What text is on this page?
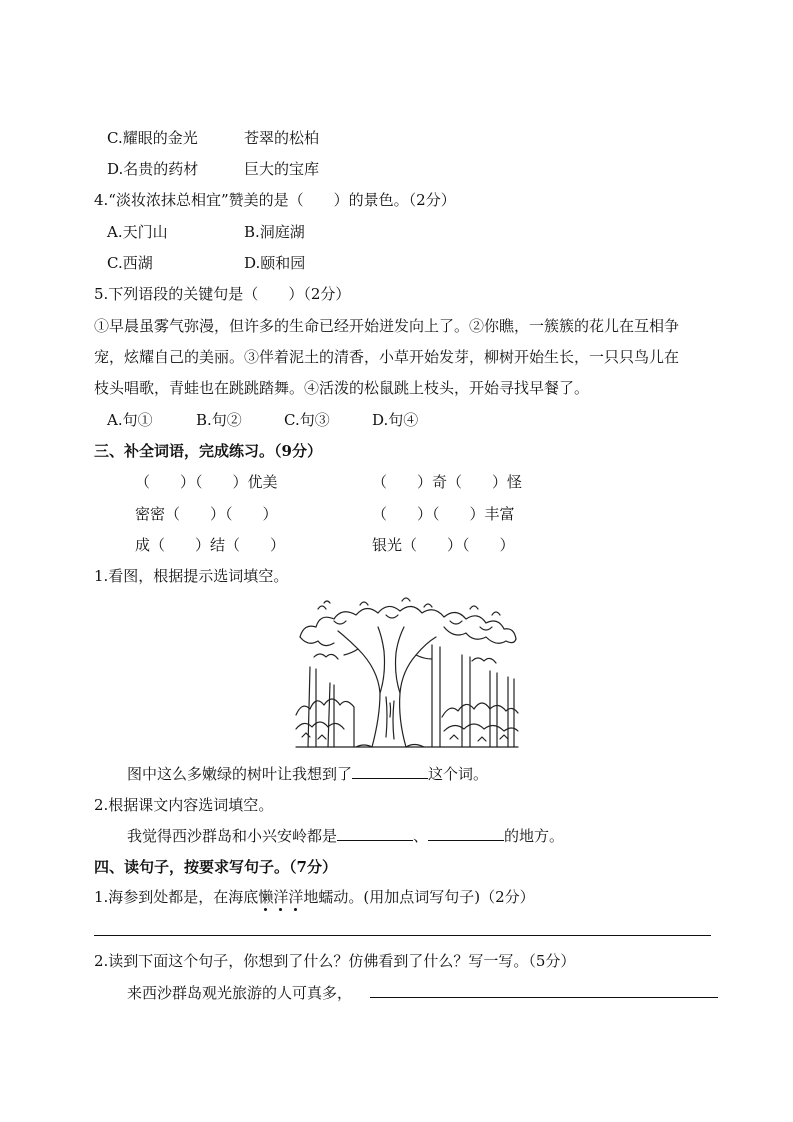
C.耀眼的金光	苍翠的松柏
D.名贵的药材	巨大的宝库
4.“淡妆浓抹总相宜”赞美的是（　　）的景色。（2分）
A.天门山	B.洞庭湖
C.西湖	D.颐和园
5.下列语段的关键句是（　　）（2分）
①早晨虽雾气弥漫，但许多的生命已经开始迸发向上了。②你瞧，一簇簇的花儿在互相争
宠，炫耀自己的美丽。③伴着泥土的清香，小草开始发芽，柳树开始生长，一只只鸟儿在
枝头唱歌，青蛙也在跳跳踏舞。④活泼的松鼠跳上枝头，开始寻找早餐了。
A.句①	B.句②	C.句③	D.句④
三、补全词语，完成练习。（9分）
（　　）（　　）优美	（　　）奇（　　）怪
密密（　　）（　　）	（　　）（　　）丰富
成（　　）结（　　）	银光（　　）（　　）
1.看图，根据提示选词填空。
图中这么多嫩绿的树叶让我想到了	这个词。
2.根据课文内容选词填空。
我觉得西沙群岛和小兴安岭都是	、	的地方。
四、读句子，按要求写句子。（7分）
1.海参到处都是，在海底懒洋洋地蠕动。(用加点词写句子)（2分）
2.读到下面这个句子，你想到了什么？仿佛看到了什么？写一写。（5分）
来西沙群岛观光旅游的人可真多，
